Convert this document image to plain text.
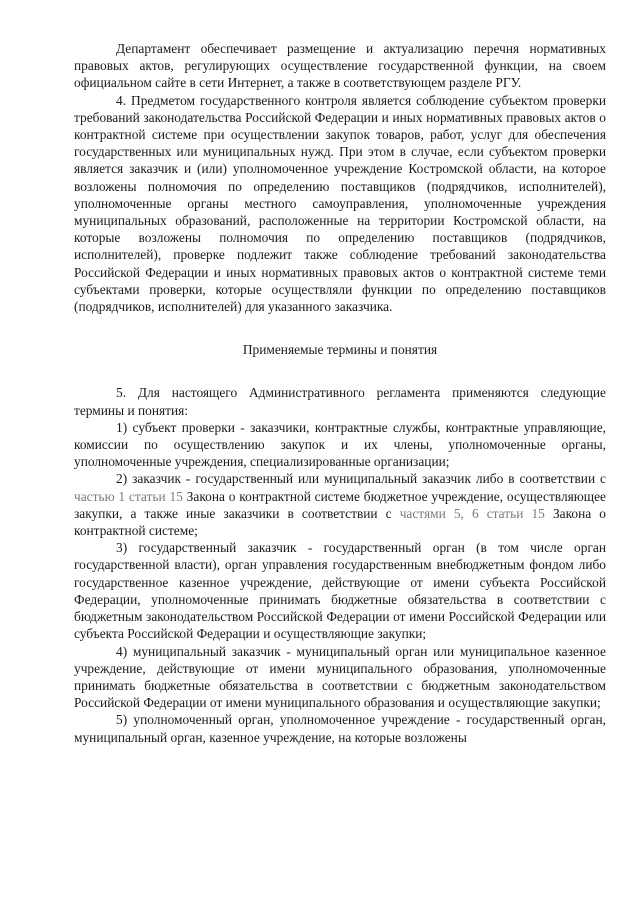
Департамент обеспечивает размещение и актуализацию перечня нормативных правовых актов, регулирующих осуществление государственной функции, на своем официальном сайте в сети Интернет, а также в соответствующем разделе РГУ.

4. Предметом государственного контроля является соблюдение субъектом проверки требований законодательства Российской Федерации и иных нормативных правовых актов о контрактной системе при осуществлении закупок товаров, работ, услуг для обеспечения государственных или муниципальных нужд. При этом в случае, если субъектом проверки является заказчик и (или) уполномоченное учреждение Костромской области, на которое возложены полномочия по определению поставщиков (подрядчиков, исполнителей), уполномоченные органы местного самоуправления, уполномоченные учреждения муниципальных образований, расположенные на территории Костромской области, на которые возложены полномочия по определению поставщиков (подрядчиков, исполнителей), проверке подлежит также соблюдение требований законодательства Российской Федерации и иных нормативных правовых актов о контрактной системе теми субъектами проверки, которые осуществляли функции по определению поставщиков (подрядчиков, исполнителей) для указанного заказчика.

Применяемые термины и понятия

5. Для настоящего Административного регламента применяются следующие термины и понятия:

1) субъект проверки - заказчики, контрактные службы, контрактные управляющие, комиссии по осуществлению закупок и их члены, уполномоченные органы, уполномоченные учреждения, специализированные организации;

2) заказчик - государственный или муниципальный заказчик либо в соответствии с частью 1 статьи 15 Закона о контрактной системе бюджетное учреждение, осуществляющее закупки, а также иные заказчики в соответствии с частями 5, 6 статьи 15 Закона о контрактной системе;

3) государственный заказчик - государственный орган (в том числе орган государственной власти), орган управления государственным внебюджетным фондом либо государственное казенное учреждение, действующие от имени субъекта Российской Федерации, уполномоченные принимать бюджетные обязательства в соответствии с бюджетным законодательством Российской Федерации от имени Российской Федерации или субъекта Российской Федерации и осуществляющие закупки;

4) муниципальный заказчик - муниципальный орган или муниципальное казенное учреждение, действующие от имени муниципального образования, уполномоченные принимать бюджетные обязательства в соответствии с бюджетным законодательством Российской Федерации от имени муниципального образования и осуществляющие закупки;

5) уполномоченный орган, уполномоченное учреждение - государственный орган, муниципальный орган, казенное учреждение, на которые возложены
